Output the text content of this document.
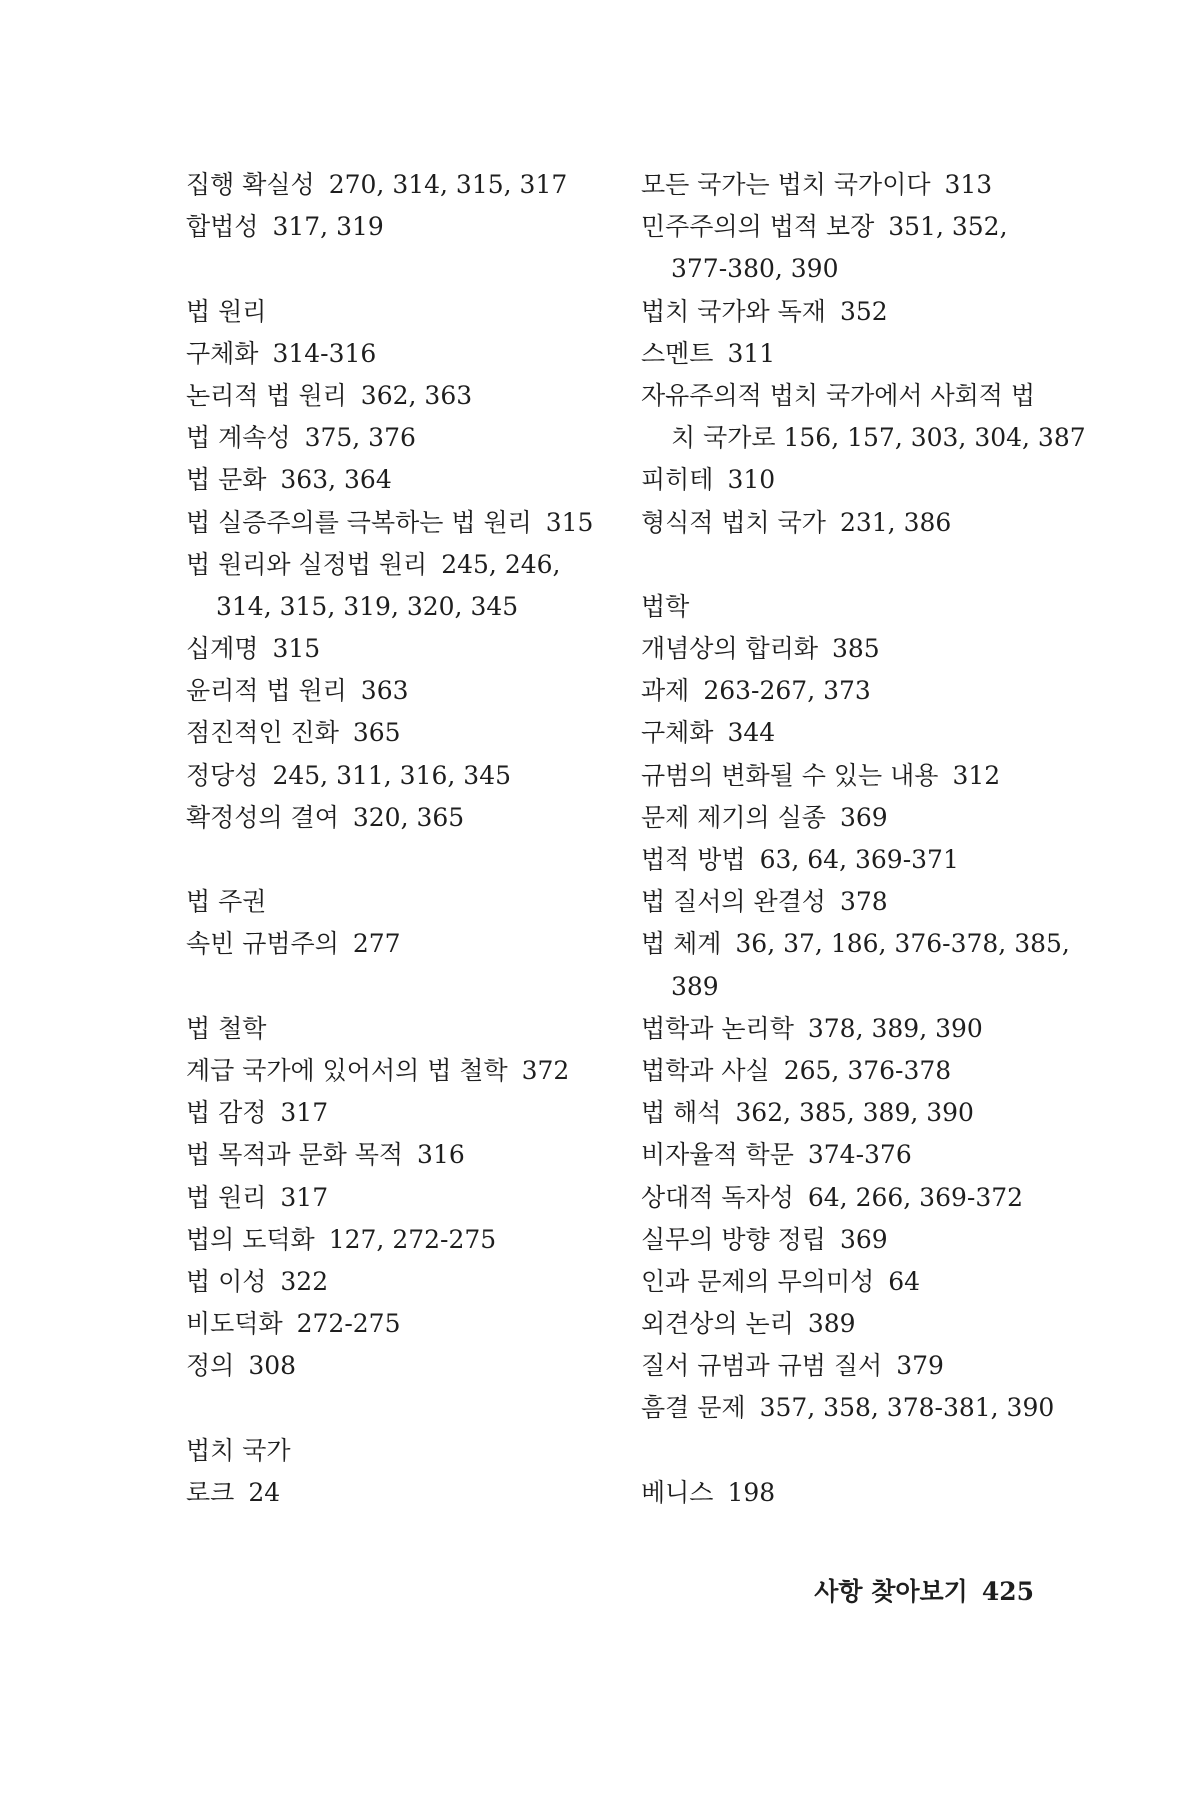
집행 확실성 270, 314, 315, 317
합법성 317, 319
법 원리
구체화 314-316
논리적 법 원리 362, 363
법 계속성 375, 376
법 문화 363, 364
법 실증주의를 극복하는 법 원리 315
법 원리와 실정법 원리 245, 246,
314, 315, 319, 320, 345
십계명 315
윤리적 법 원리 363
점진적인 진화 365
정당성 245, 311, 316, 345
확정성의 결여 320, 365
법 주권
속빈 규범주의 277
법 철학
계급 국가에 있어서의 법 철학 372
법 감정 317
법 목적과 문화 목적 316
법 원리 317
법의 도덕화 127, 272-275
법 이성 322
비도덕화 272-275
정의 308
법치 국가
로크 24
모든 국가는 법치 국가이다 313
민주주의의 법적 보장 351, 352,
377-380, 390
법치 국가와 독재 352
스멘트 311
자유주의적 법치 국가에서 사회적 법
치 국가로 156, 157, 303, 304, 387
피히테 310
형식적 법치 국가 231, 386
법학
개념상의 합리화 385
과제 263-267, 373
구체화 344
규범의 변화될 수 있는 내용 312
문제 제기의 실종 369
법적 방법 63, 64, 369-371
법 질서의 완결성 378
법 체계 36, 37, 186, 376-378, 385,
389
법학과 논리학 378, 389, 390
법학과 사실 265, 376-378
법 해석 362, 385, 389, 390
비자율적 학문 374-376
상대적 독자성 64, 266, 369-372
실무의 방향 정립 369
인과 문제의 무의미성 64
외견상의 논리 389
질서 규범과 규범 질서 379
흠결 문제 357, 358, 378-381, 390
베니스 198
사항 찾아보기 425
